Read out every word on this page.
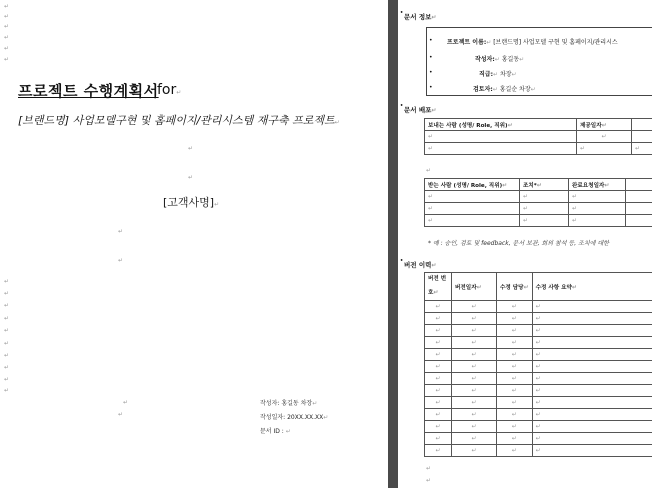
↵
↵
↵
↵
↵
↵
↵
↵
↵
↵
↵
↵
↵
↵
↵
↵
프로젝트 수행계획서
for↵
[브랜드명] 사업모델구현 및 홈페이지/관리시스템 재구축 프로젝트↵
↵
↵
[고객사명]↵
↵
↵
↵
↵
작성자: 홍길동 차장↵
작성일자: 20XX.XX.XX↵
문서 ID : ↵
• 문서 정보↵
• 프로젝트 이름:↵ [브랜드명] 사업모델 구현 및 홈페이지/관리시스
•	작성자:↵ 홍길동↵
•	직급:↵ 차장↵
•	검토자:↵ 홍길순 차장↵
• 문서 배포↵
보내는 사람 (성명/ Role, 직위)↵	제공일자↵	
↵	↵	
↵	↵	↵
↵
받는 사람 (성명/ Role, 직위)↵	조치*↵	완료요청일자↵	
↵	↵	↵	
↵	↵	↵	
↵	↵	↵	
* 예 : 승인, 검토 및 feedback, 문서 보관, 회의 참석 등, 조치에 대한
• 버전 이력↵
버전 번호↵	버전일자↵	수정 담당↵	수정 사항 요약↵
↵	↵	↵	↵
↵	↵	↵	↵
↵	↵	↵	↵
↵	↵	↵	↵
↵	↵	↵	↵
↵	↵	↵	↵
↵	↵	↵	↵
↵	↵	↵	↵
↵	↵	↵	↵
↵	↵	↵	↵
↵	↵	↵	↵
↵	↵	↵	↵
↵	↵	↵	↵
↵
↵
